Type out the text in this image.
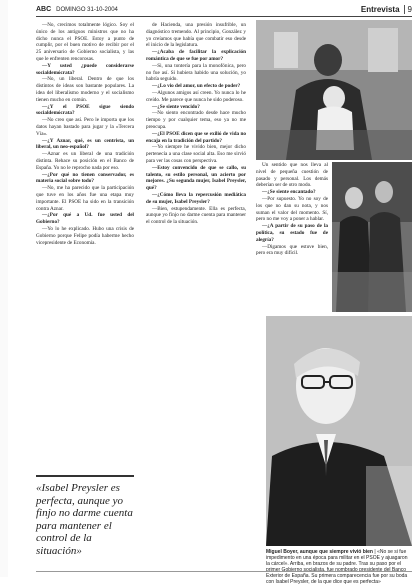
ABC DOMINGO 31-10-2004	Entrevista	9

—No, crecimos totalmente lógico. Soy el único de los antiguos ministros que no ha dicho nunca el PSOE. Estoy a punto de cumplir, por el buen motivo de recibir por el 25 aniversario de Gobierno socialista, y las que le enfrenten rencorosas.

—Y usted ¿puede considerarse socialdemócrata?

—No, un liberal. Dentro de que los distintos de ideas son bastante populares. La idea del liberalismo moderno y el socialismo tienen mucho en común.

—¿Y el PSOE sigue siendo socialdemócrata?

—No creo que así. Pero le importa que los datos hayan bastado para jugar y la «Tercera Vía».

—¿Y Aznar, qué, es un centrista, un liberal, un neo-español?

—Aznar es un liberal de una tradición distinta. Rehace su posición en el Banco de España. Yo no le reprocho nada por eso.

—¿Por qué no tienen conservador, es materia social sobre todo?

—No, me ha parecido que la participación que tuve en los años fue una etapa muy importante. El PSOE ha sido en la transición contra Aznar.

—¿Por qué a Ud. fue usted del Gobierno?

—Yo lo he explicado. Hubo una crisis de Gobierno porque Felipe podía haberme hecho vicepresidente de Economía.

«Isabel Preysler es perfecta, aunque yo finjo no darme cuenta para mantener el control de la situación»

de Hacienda, una presión insufrible, un diagnóstico tremendo. Al principio, González y yo creíamos que había que combatir eso desde el inicio de la legislatura.

—¿Acaba de facilitar la explicación romántica de que se fue por amor?

—Si, una tontería para la monofónica, pero no fue así. Si hubiera habido una solución, yo habría seguido.

—¿Lo vio del amor, un efecto de poder?

—Algunos amigos así creen. Yo nunca lo he creído. Me parece que nunca he sido poderoso.

—¿Se siente vencido?

—No siento encontrado desde hace mucho tiempo y por cualquier tema, eso ya no me preocupa.

—¿El PSOE dicen que se exilió de vida no encaja en la tradición del partido?

—Yo siempre he vivido bien, mejor dicho pertenecía a una clase social alta. Eso me sirvió para ver las cosas con perspectiva.

—Estoy convencido de que se callo, su talento, su estilo personal, un acierto por mejores. ¿Su segunda mujer, Isabel Preysler, qué?

—¿Cómo lleva la repercusión mediática de su mujer, Isabel Preysler?

—Bien, estupendamente. Ella es perfecta, aunque yo finjo no darme cuenta para mantener el control de la situación.

Un sentido que nos lleva al nivel de pequeña cuestión de pasado y personal. Los demás deberían ser de otro modo.

—¿Se siente encantado?

—Por supuesto. Yo no soy de los que no dan su nota, y nos suman el valor del momento. Sí, pero no me voy a poner a hablar.

—¿A partir de su paso de la política, su estado fue de alegría?

—Digamos que estuve bien, pero era muy difícil.

Miguel Boyer, aunque que siempre vivió bien | «No se si fue impedimento en una época para militar en el PSOE y ajuagaron la cárcel». Arriba, en brazos de su padre. Tras su paso por el primer Gobierno socialista, fue nombrado presidente del Banco Exterior de España. Su primera comparecencia fue por su boda con Isabel Preysler, de la que dice que es perfecta»
